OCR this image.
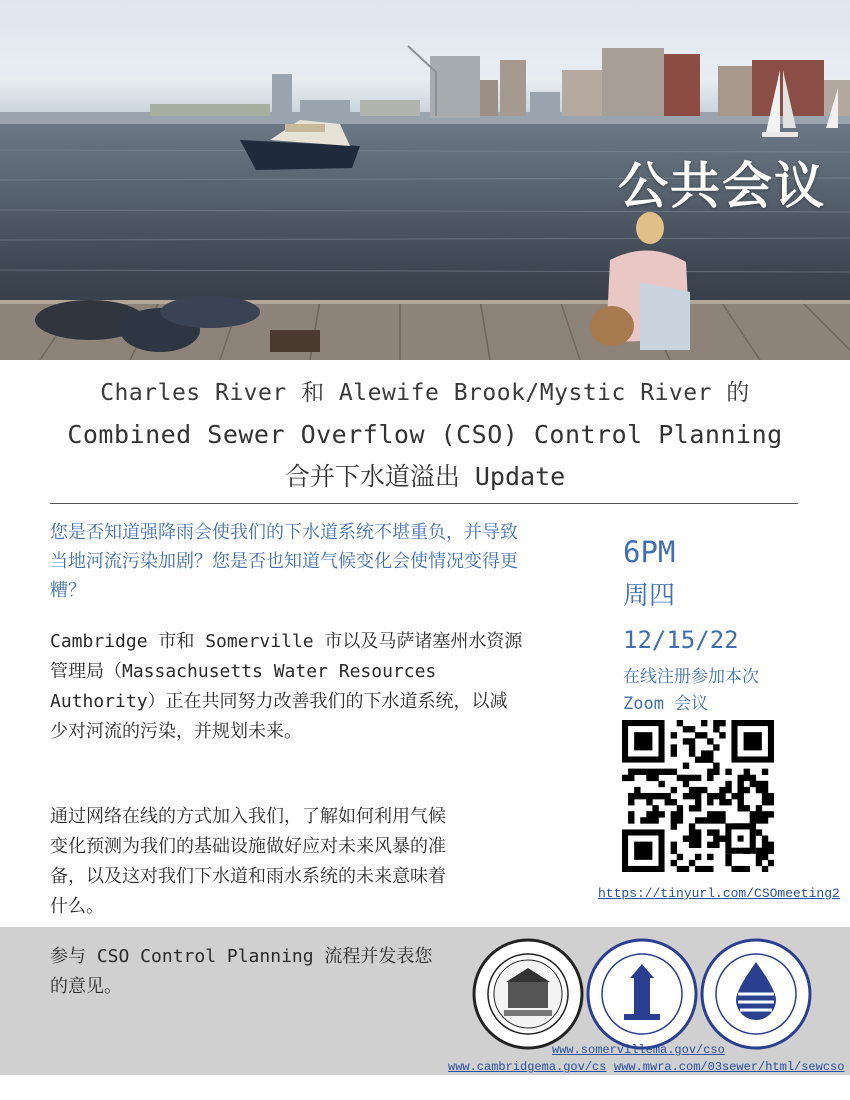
公共会议
Charles River 和 Alewife Brook/Mystic River 的
Combined Sewer Overflow (CSO) Control Planning
合并下水道溢出 Update
您是否知道强降雨会使我们的下水道系统不堪重负，并导致当地河流污染加剧？您是否也知道气候变化会使情况变得更糟？
Cambridge 市和 Somerville 市以及马萨诸塞州水资源管理局（Massachusetts Water Resources Authority）正在共同努力改善我们的下水道系统，以减少对河流的污染，并规划未来。
通过网络在线的方式加入我们，了解如何利用气候变化预测为我们的基础设施做好应对未来风暴的准备，以及这对我们下水道和雨水系统的未来意味着什么。
6PM
周四
12/15/22
在线注册参加本次
Zoom 会议
https://tinyurl.com/CSOmeeting2
参与 CSO Control Planning 流程并发表您的意见。
www.somervillema.gov/cso
www.cambridgema.gov/cs www.mwra.com/03sewer/html/sewcso
